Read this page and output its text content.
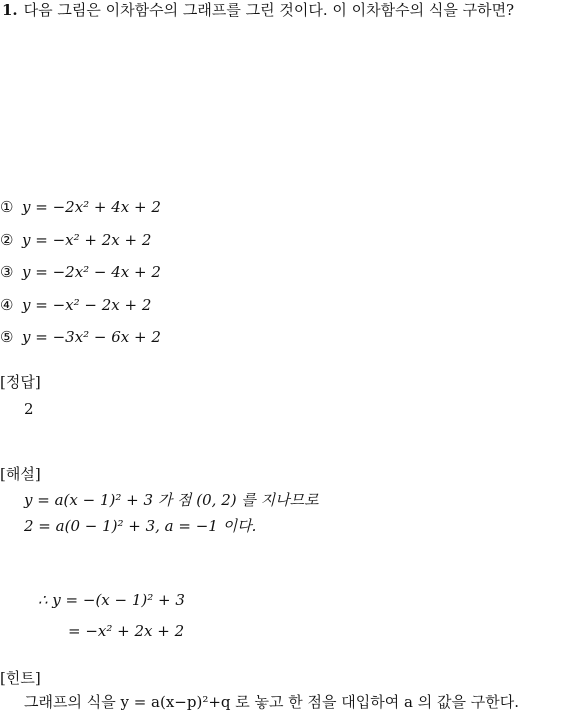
1. 다음 그림은 이차함수의 그래프를 그린 것이다. 이 이차함수의 식을 구하면?
① y = −2x² + 4x + 2
② y = −x² + 2x + 2
③ y = −2x² − 4x + 2
④ y = −x² − 2x + 2
⑤ y = −3x² − 6x + 2
[정답]
2
[해설]
y = a(x − 1)² + 3 가 점 (0, 2) 를 지나므로
2 = a(0 − 1)² + 3, a = −1 이다.
∴ y = −(x − 1)² + 3
= −x² + 2x + 2
[힌트]
그래프의 식을 y = a(x−p)²+q 로 놓고 한 점을 대입하여 a 의 값을 구한다.
